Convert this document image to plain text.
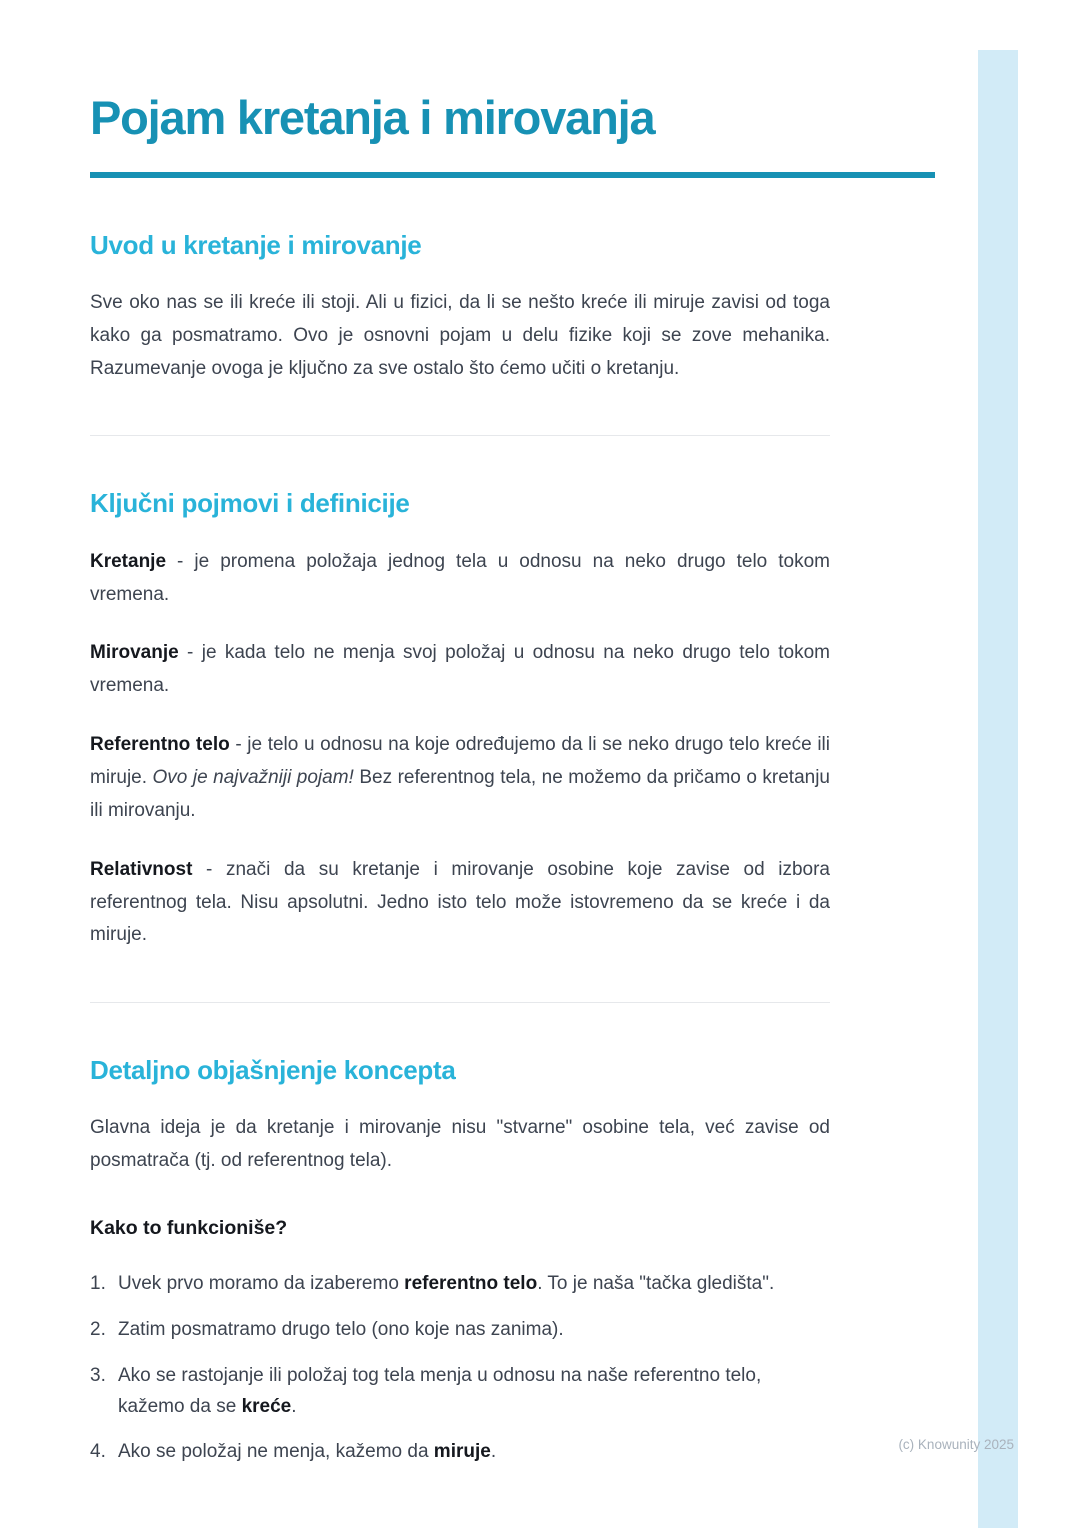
(c) Knowunity 2025
Pojam kretanja i mirovanja
Uvod u kretanje i mirovanje

Sve oko nas se ili kreće ili stoji. Ali u fizici, da li se nešto kreće ili miruje zavisi od toga kako ga posmatramo. Ovo je osnovni pojam u delu fizike koji se zove mehanika. Razumevanje ovoga je ključno za sve ostalo što ćemo učiti o kretanju.

Ključni pojmovi i definicije

Kretanje - je promena položaja jednog tela u odnosu na neko drugo telo tokom vremena.

Mirovanje - je kada telo ne menja svoj položaj u odnosu na neko drugo telo tokom vremena.

Referentno telo - je telo u odnosu na koje određujemo da li se neko drugo telo kreće ili miruje. Ovo je najvažniji pojam! Bez referentnog tela, ne možemo da pričamo o kretanju ili mirovanju.

Relativnost - znači da su kretanje i mirovanje osobine koje zavise od izbora referentnog tela. Nisu apsolutni. Jedno isto telo može istovremeno da se kreće i da miruje.

Detaljno objašnjenje koncepta

Glavna ideja je da kretanje i mirovanje nisu "stvarne" osobine tela, već zavise od posmatrača (tj. od referentnog tela).

Kako to funkcioniše?

1. Uvek prvo moramo da izaberemo referentno telo. To je naša "tačka gledišta".
2. Zatim posmatramo drugo telo (ono koje nas zanima).
3. Ako se rastojanje ili položaj tog tela menja u odnosu na naše referentno telo, kažemo da se kreće.
4. Ako se položaj ne menja, kažemo da miruje.
